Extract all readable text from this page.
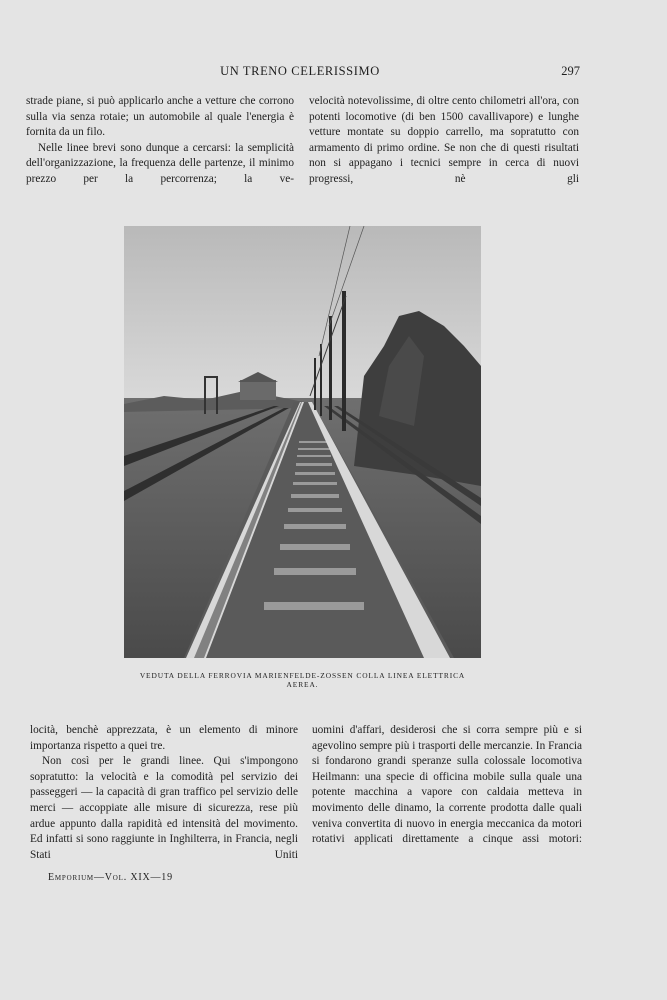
UN TRENO CELERISSIMO	297

strade piane, si può applicarlo anche a vetture che corrono sulla via senza rotaie; un automobile al quale l'energia è fornita da un filo.

Nelle linee brevi sono dunque a cercarsi: la semplicità dell'organizzazione, la frequenza delle partenze, il minimo prezzo per la percorrenza; la ve-

velocità notevolissime, di oltre cento chilometri all'ora, con potenti locomotive (di ben 1500 cavallivapore) e lunghe vetture montate su doppio carrello, ma sopratutto con armamento di primo ordine. Se non che di questi risultati non si appagano i tecnici sempre in cerca di nuovi progressi, nè gli

VEDUTA DELLA FERROVIA MARIENFELDE-ZOSSEN COLLA LINEA ELETTRICA AEREA.

locità, benchè apprezzata, è un elemento di minore importanza rispetto a quei tre.

Non così per le grandi linee. Qui s'impongono sopratutto: la velocità e la comodità pel servizio dei passeggeri — la capacità di gran traffico pel servizio delle merci — accoppiate alle misure di sicurezza, rese più ardue appunto dalla rapidità ed intensità del movimento. Ed infatti si sono raggiunte in Inghilterra, in Francia, negli Stati Uniti

uomini d'affari, desiderosi che si corra sempre più e si agevolino sempre più i trasporti delle mercanzie. In Francia si fondarono grandi speranze sulla colossale locomotiva Heilmann: una specie di officina mobile sulla quale una potente macchina a vapore con caldaia metteva in movimento delle dinamo, la corrente prodotta dalle quali veniva convertita di nuovo in energia meccanica da motori rotativi applicati direttamente a cinque assi motori:

Emporium—Vol. XIX—19
